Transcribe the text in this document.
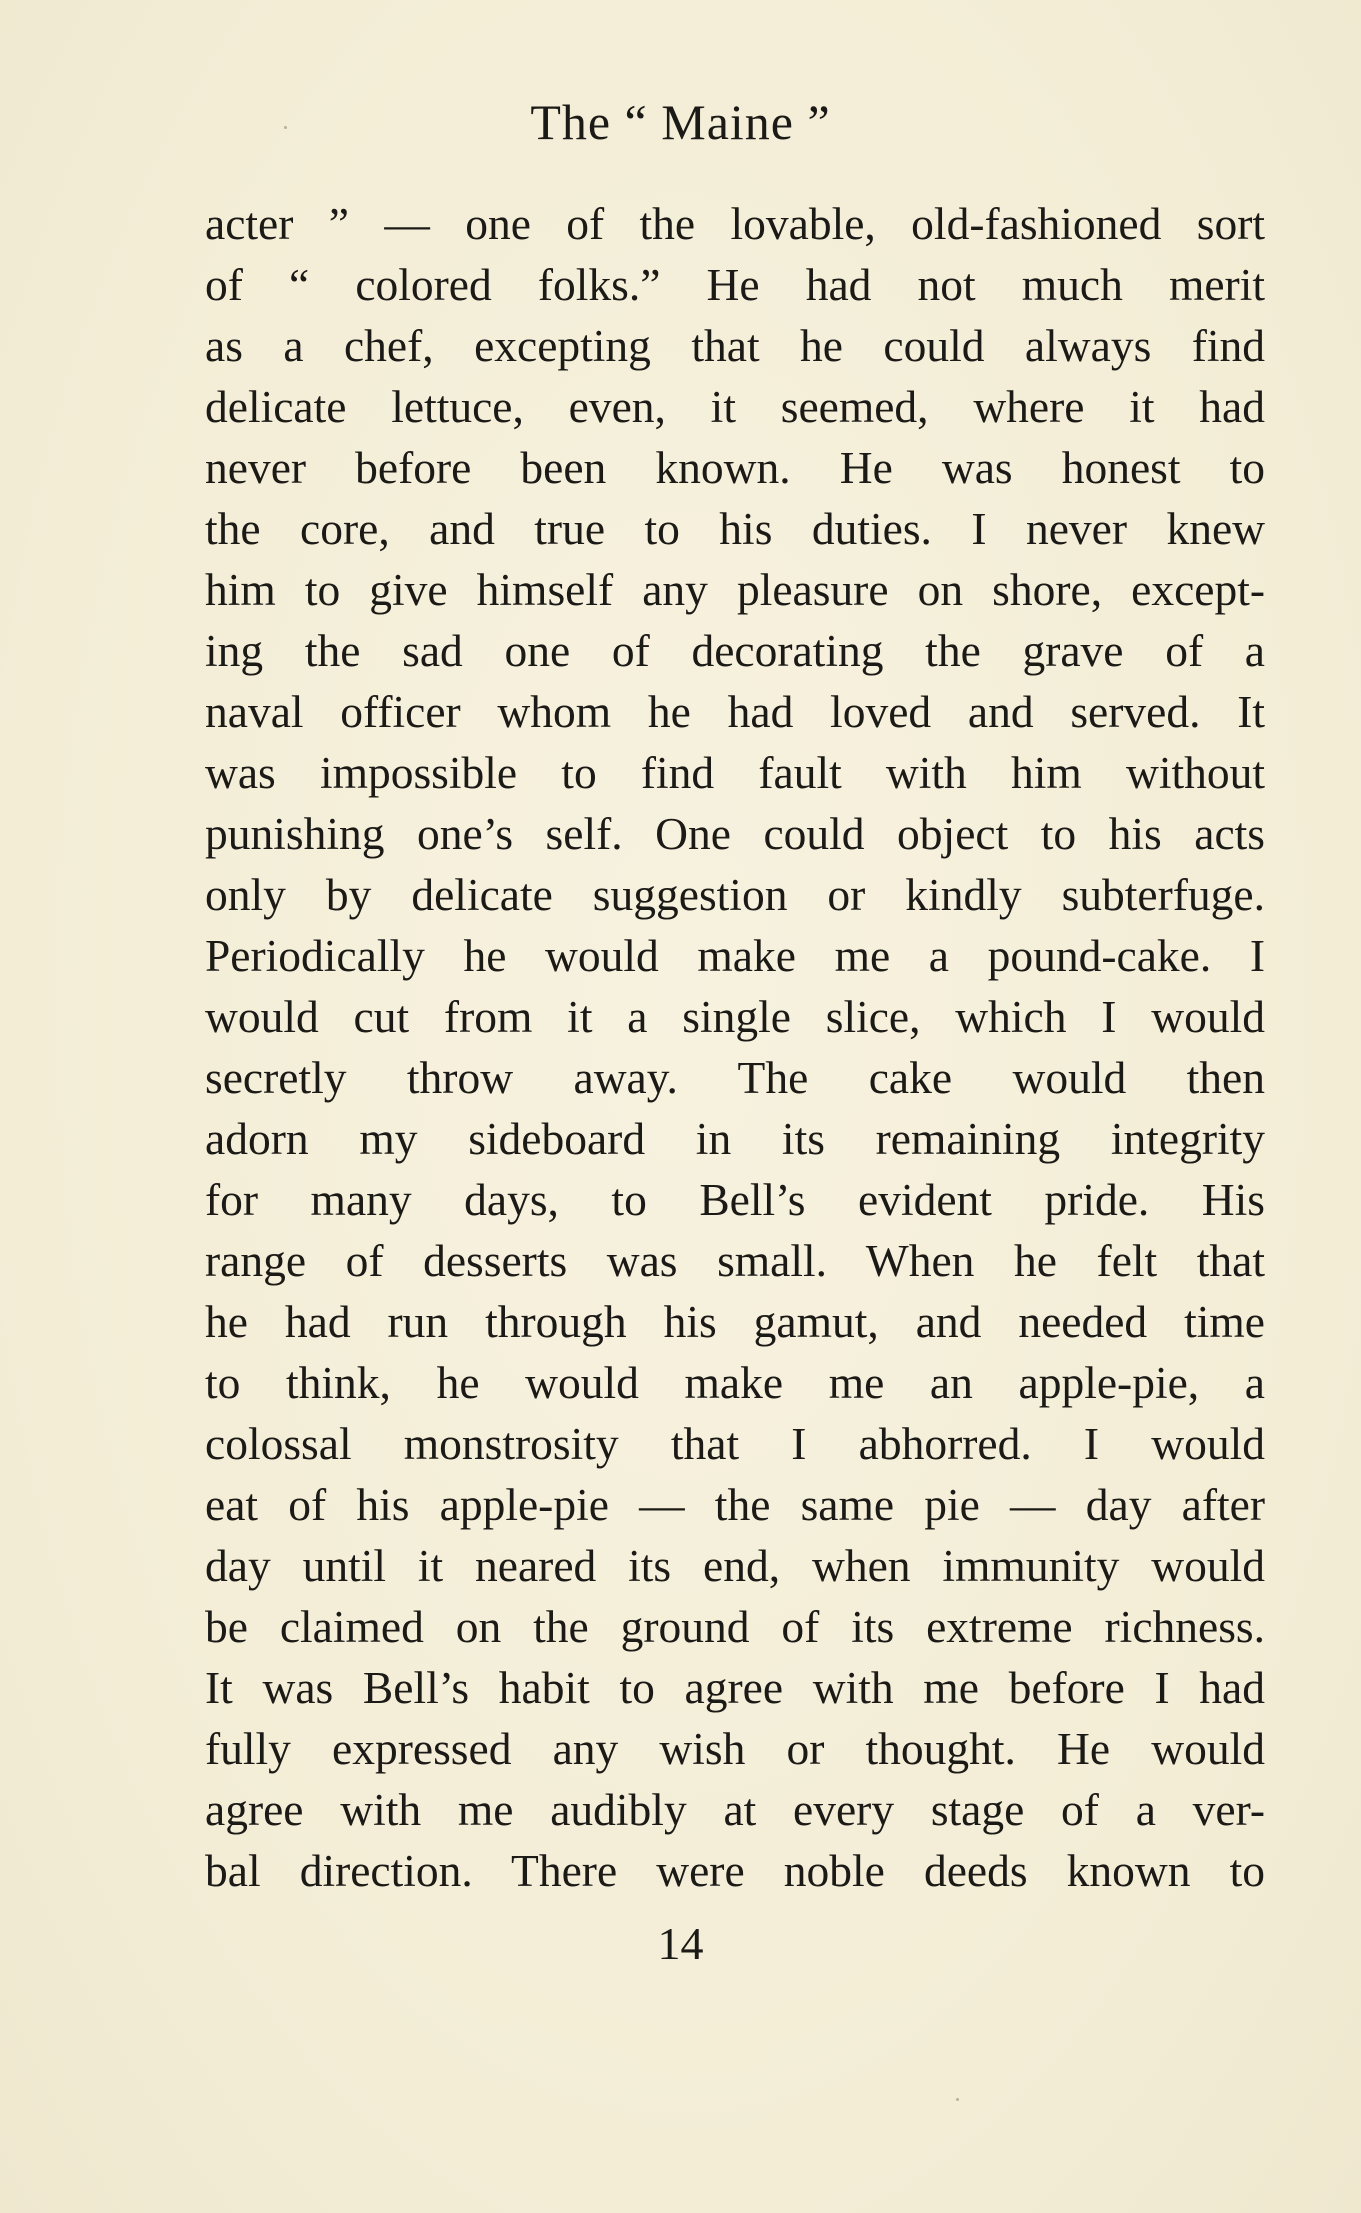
The “ Maine ”
acter ” — one of the lovable, old-fashioned sort
of “ colored folks.” He had not much merit
as a chef, excepting that he could always find
delicate lettuce, even, it seemed, where it had
never before been known. He was honest to
the core, and true to his duties. I never knew
him to give himself any pleasure on shore, except-
ing the sad one of decorating the grave of a
naval officer whom he had loved and served. It
was impossible to find fault with him without
punishing one’s self. One could object to his acts
only by delicate suggestion or kindly subterfuge.
Periodically he would make me a pound-cake. I
would cut from it a single slice, which I would
secretly throw away. The cake would then
adorn my sideboard in its remaining integrity
for many days, to Bell’s evident pride. His
range of desserts was small. When he felt that
he had run through his gamut, and needed time
to think, he would make me an apple-pie, a
colossal monstrosity that I abhorred. I would
eat of his apple-pie — the same pie — day after
day until it neared its end, when immunity would
be claimed on the ground of its extreme richness.
It was Bell’s habit to agree with me before I had
fully expressed any wish or thought. He would
agree with me audibly at every stage of a ver-
bal direction. There were noble deeds known to
14
